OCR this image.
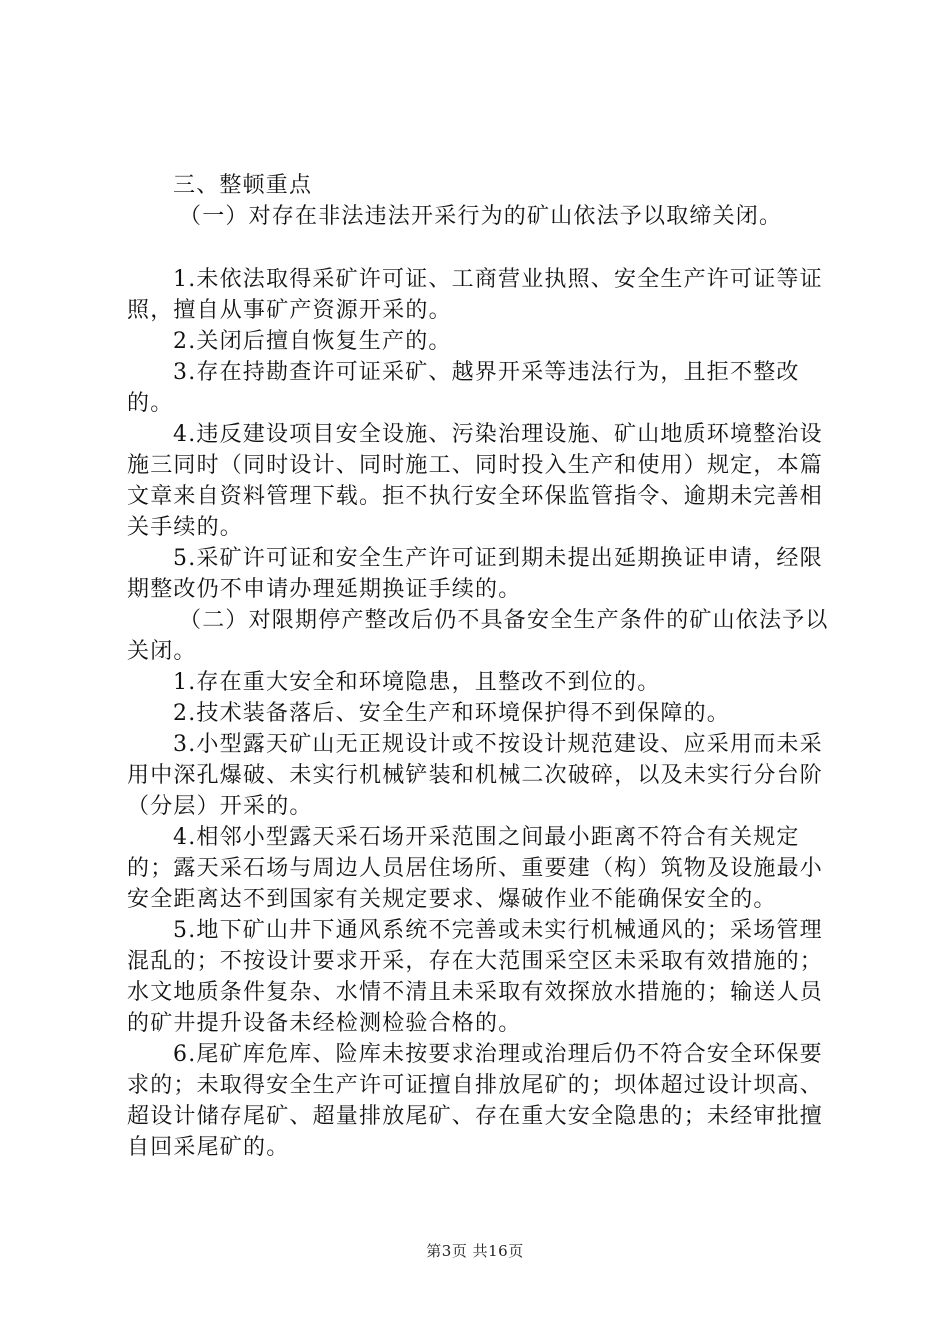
三、整顿重点

（一）对存在非法违法开采行为的矿山依法予以取缔关闭。

1.未依法取得采矿许可证、工商营业执照、安全生产许可证等证照，擅自从事矿产资源开采的。

2.关闭后擅自恢复生产的。

3.存在持勘查许可证采矿、越界开采等违法行为，且拒不整改的。

4.违反建设项目安全设施、污染治理设施、矿山地质环境整治设施三同时（同时设计、同时施工、同时投入生产和使用）规定，本篇文章来自资料管理下载。拒不执行安全环保监管指令、逾期未完善相关手续的。

5.采矿许可证和安全生产许可证到期未提出延期换证申请，经限期整改仍不申请办理延期换证手续的。

（二）对限期停产整改后仍不具备安全生产条件的矿山依法予以关闭。

1.存在重大安全和环境隐患，且整改不到位的。

2.技术装备落后、安全生产和环境保护得不到保障的。

3.小型露天矿山无正规设计或不按设计规范建设、应采用而未采用中深孔爆破、未实行机械铲装和机械二次破碎，以及未实行分台阶（分层）开采的。

4.相邻小型露天采石场开采范围之间最小距离不符合有关规定的；露天采石场与周边人员居住场所、重要建（构）筑物及设施最小安全距离达不到国家有关规定要求、爆破作业不能确保安全的。

5.地下矿山井下通风系统不完善或未实行机械通风的；采场管理混乱的；不按设计要求开采，存在大范围采空区未采取有效措施的；水文地质条件复杂、水情不清且未采取有效探放水措施的；输送人员的矿井提升设备未经检测检验合格的。

6.尾矿库危库、险库未按要求治理或治理后仍不符合安全环保要求的；未取得安全生产许可证擅自排放尾矿的；坝体超过设计坝高、超设计储存尾矿、超量排放尾矿、存在重大安全隐患的；未经审批擅自回采尾矿的。

第3页 共16页
